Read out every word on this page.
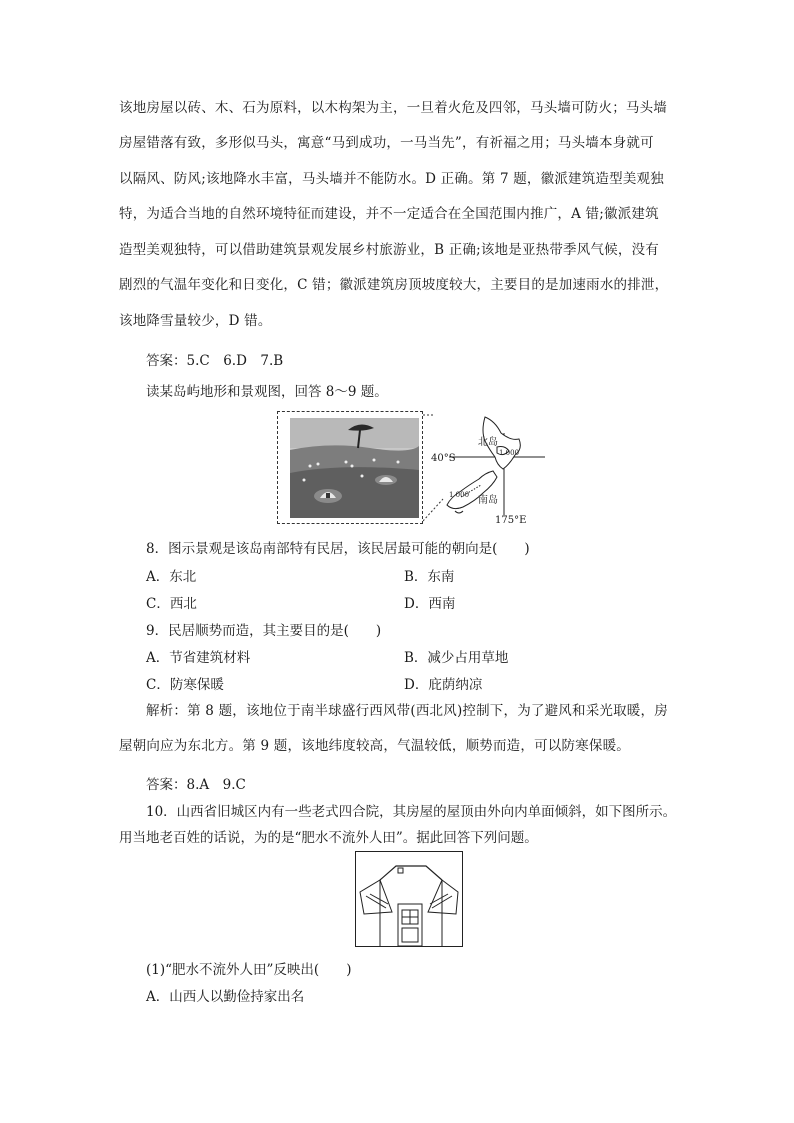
该地房屋以砖、木、石为原料，以木构架为主，一旦着火危及四邻，马头墙可防火；马头墙
房屋错落有致，多形似马头，寓意“马到成功，一马当先”，有祈福之用；马头墙本身就可
以隔风、防风;该地降水丰富，马头墙并不能防水。D 正确。第 7 题，徽派建筑造型美观独
特，为适合当地的自然环境特征而建设，并不一定适合在全国范围内推广，A 错;徽派建筑
造型美观独特，可以借助建筑景观发展乡村旅游业，B 正确;该地是亚热带季风气候，没有
剧烈的气温年变化和日变化，C 错；徽派建筑房顶坡度较大，主要目的是加速雨水的排泄，
该地降雪量较少，D 错。
答案：5.C　6.D　7.B
读某岛屿地形和景观图，回答 8～9 题。
北岛
40°S	1 000
1 000 南岛
175°E
8．图示景观是该岛南部特有民居，该民居最可能的朝向是(　　)
A．东北	B．东南
C．西北	D．西南
9．民居顺势而造，其主要目的是(　　)
A．节省建筑材料	B．减少占用草地
C．防寒保暖	D．庇荫纳凉
解析：第 8 题，该地位于南半球盛行西风带(西北风)控制下，为了避风和采光取暖，房
屋朝向应为东北方。第 9 题，该地纬度较高，气温较低，顺势而造，可以防寒保暖。
答案：8.A　9.C
10．山西省旧城区内有一些老式四合院，其房屋的屋顶由外向内单面倾斜，如下图所示。
用当地老百姓的话说，为的是“肥水不流外人田”。据此回答下列问题。
(1)“肥水不流外人田”反映出(　　)
A．山西人以勤俭持家出名
